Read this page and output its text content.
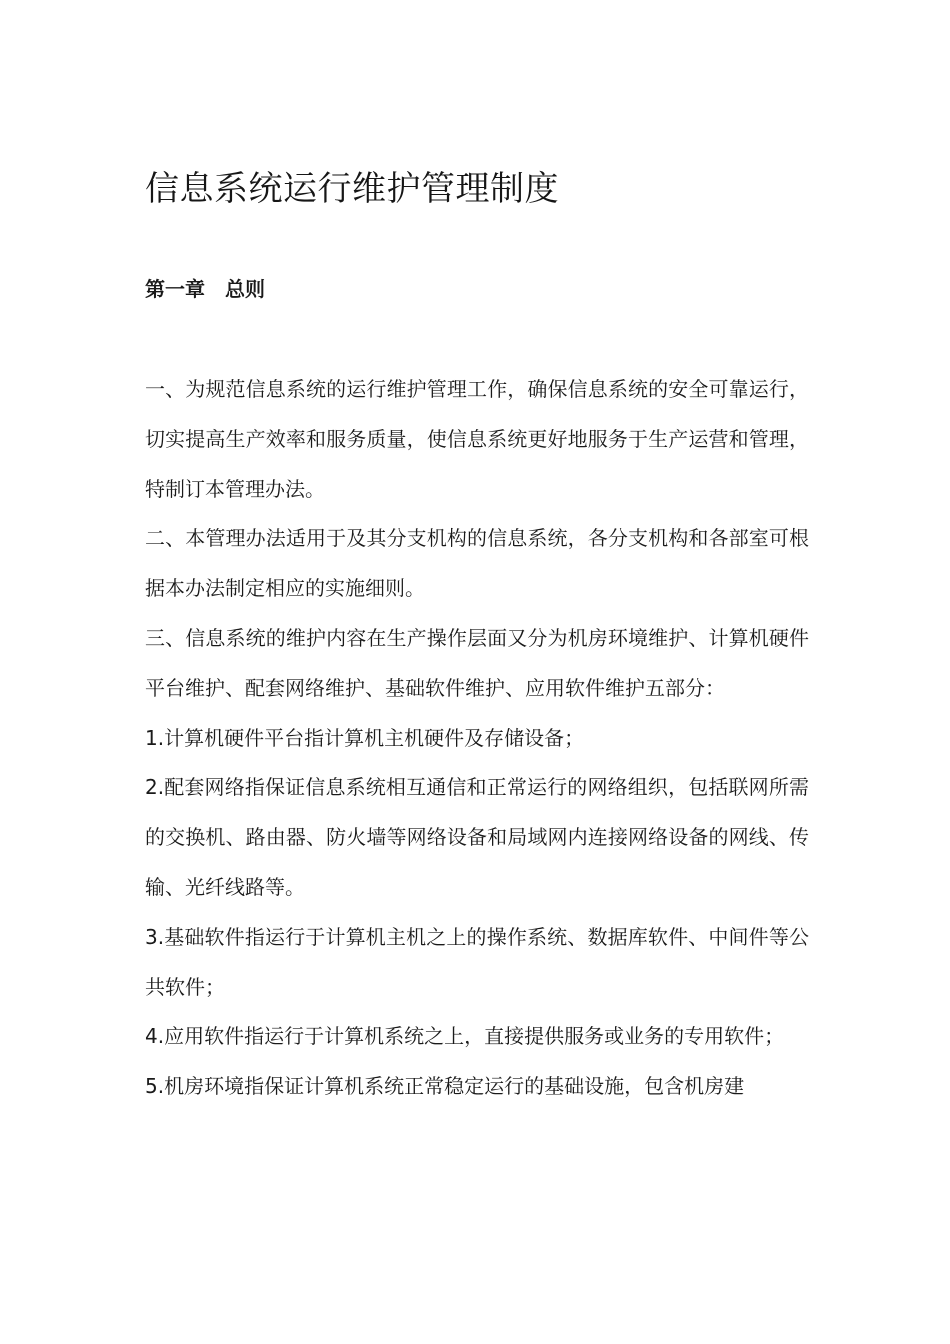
信息系统运行维护管理制度
第一章　总则

一、为规范信息系统的运行维护管理工作，确保信息系统的安全可靠运行，切实提高生产效率和服务质量，使信息系统更好地服务于生产运营和管理，特制订本管理办法。

二、本管理办法适用于及其分支机构的信息系统，各分支机构和各部室可根据本办法制定相应的实施细则。

三、信息系统的维护内容在生产操作层面又分为机房环境维护、计算机硬件平台维护、配套网络维护、基础软件维护、应用软件维护五部分：

1.计算机硬件平台指计算机主机硬件及存储设备；

2.配套网络指保证信息系统相互通信和正常运行的网络组织，包括联网所需的交换机、路由器、防火墙等网络设备和局域网内连接网络设备的网线、传输、光纤线路等。

3.基础软件指运行于计算机主机之上的操作系统、数据库软件、中间件等公共软件；

4.应用软件指运行于计算机系统之上，直接提供服务或业务的专用软件；

5.机房环境指保证计算机系统正常稳定运行的基础设施，包含机房建
